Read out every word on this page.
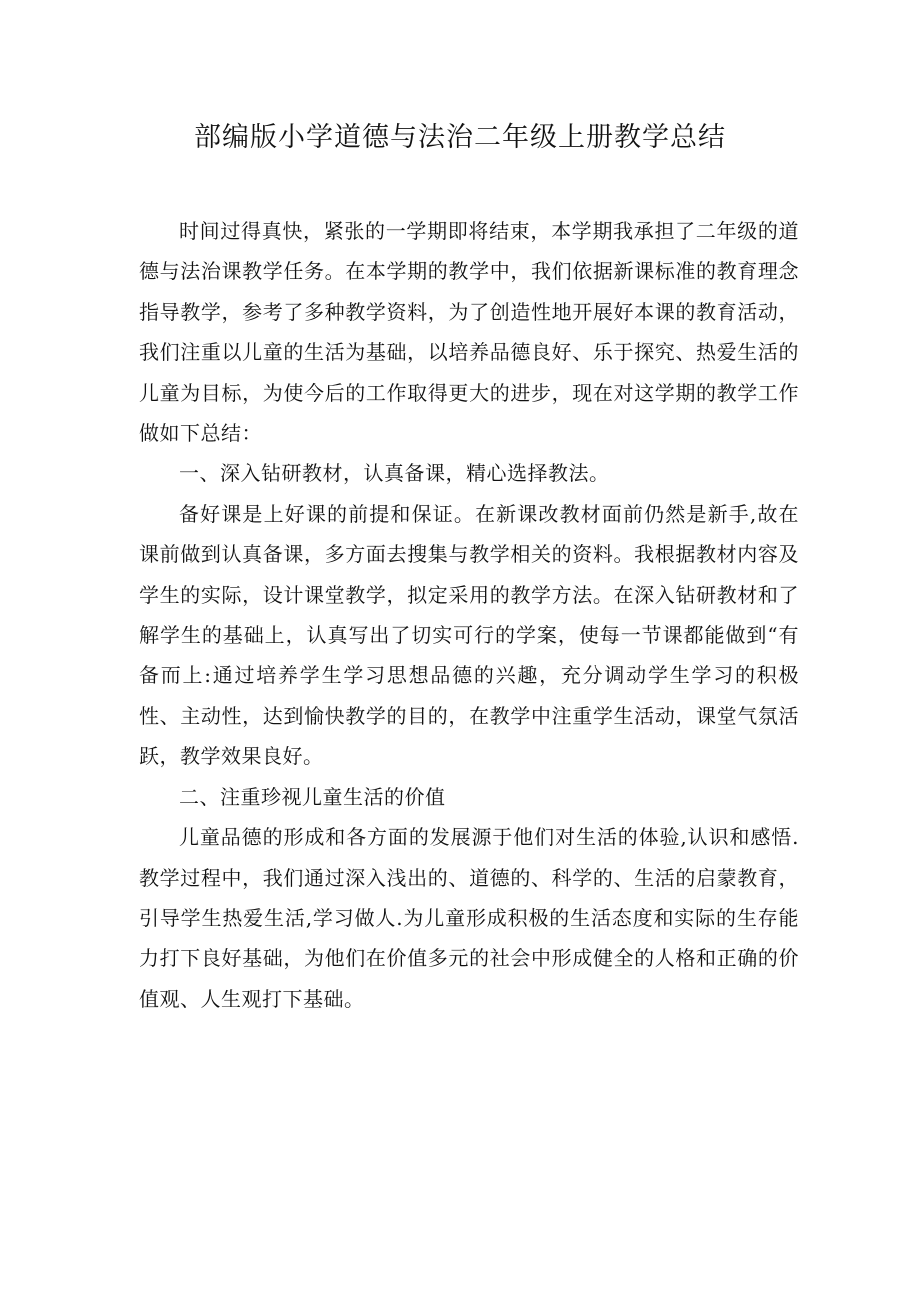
部编版小学道德与法治二年级上册教学总结

时间过得真快，紧张的一学期即将结束，本学期我承担了二年级的道德与法治课教学任务。在本学期的教学中，我们依据新课标准的教育理念指导教学，参考了多种教学资料，为了创造性地开展好本课的教育活动，我们注重以儿童的生活为基础，以培养品德良好、乐于探究、热爱生活的儿童为目标，为使今后的工作取得更大的进步，现在对这学期的教学工作做如下总结：

一、深入钻研教材，认真备课，精心选择教法。

备好课是上好课的前提和保证。在新课改教材面前仍然是新手,故在课前做到认真备课，多方面去搜集与教学相关的资料。我根据教材内容及学生的实际，设计课堂教学，拟定采用的教学方法。在深入钻研教材和了解学生的基础上，认真写出了切实可行的学案，使每一节课都能做到“有备而上:通过培养学生学习思想品德的兴趣，充分调动学生学习的积极性、主动性，达到愉快教学的目的，在教学中注重学生活动，课堂气氛活跃，教学效果良好。

二、注重珍视儿童生活的价值

儿童品德的形成和各方面的发展源于他们对生活的体验,认识和感悟.教学过程中，我们通过深入浅出的、道德的、科学的、生活的启蒙教育，引导学生热爱生活,学习做人.为儿童形成积极的生活态度和实际的生存能力打下良好基础，为他们在价值多元的社会中形成健全的人格和正确的价值观、人生观打下基础。
